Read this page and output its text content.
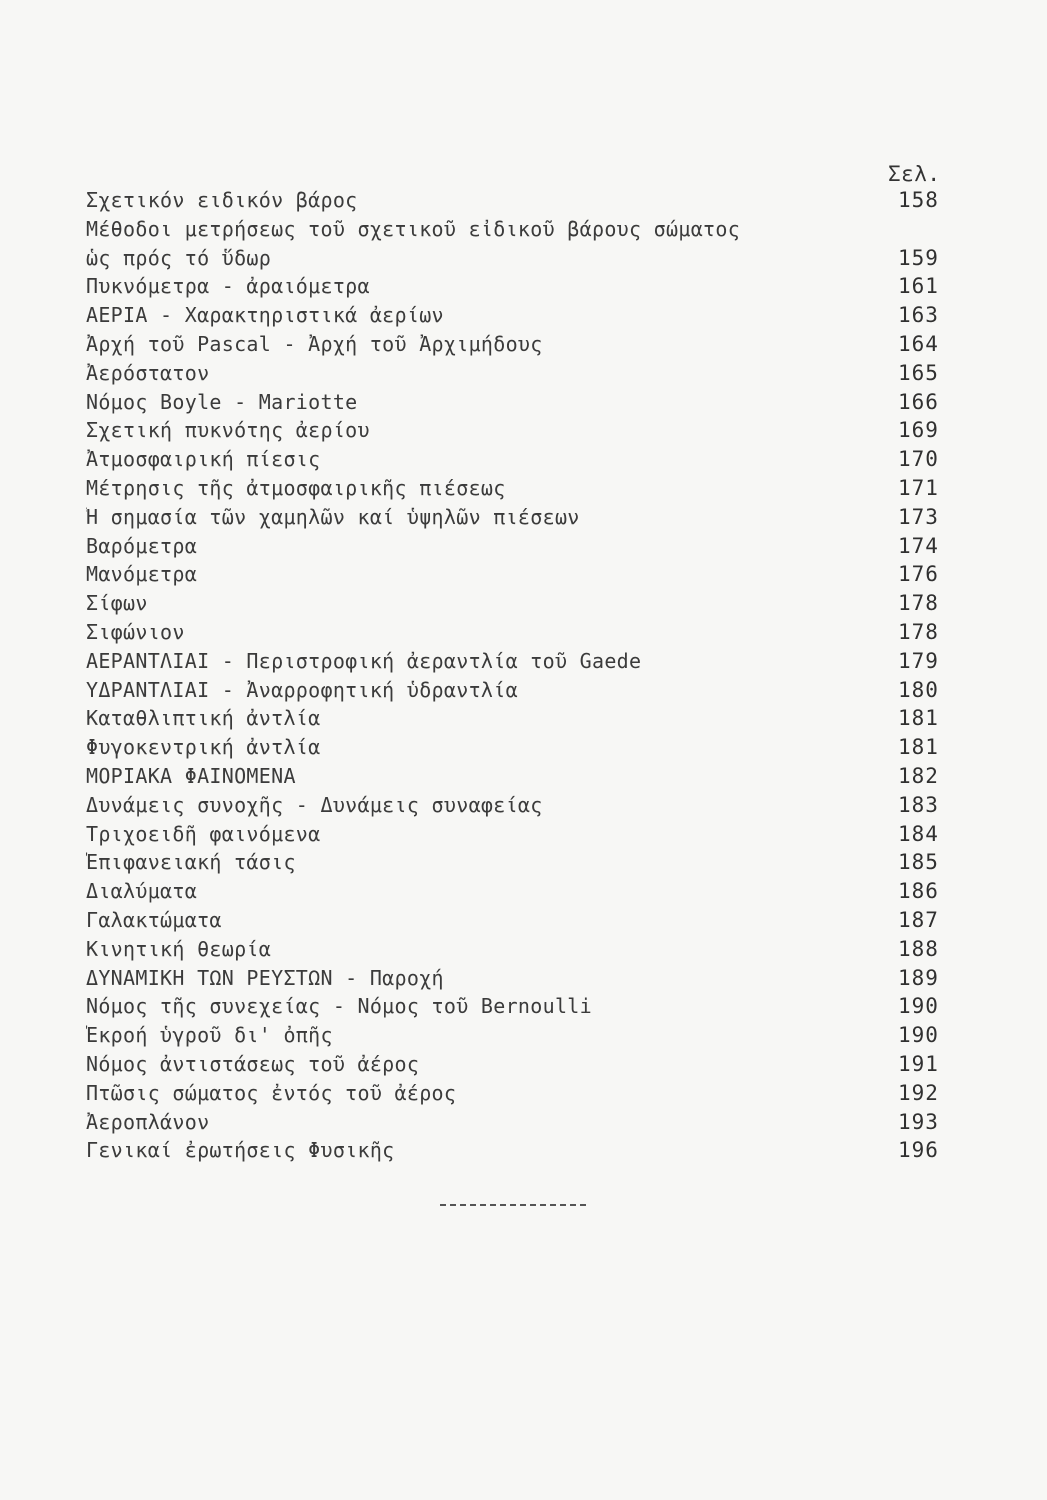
Σελ.
Σχετικόν ειδικόν βάρος	158
Μέθοδοι μετρήσεως τοῦ σχετικοῦ εἰδικοῦ βάρους σώματος
ὡς πρός τό ὕδωρ	159
Πυκνόμετρα - ἀραιόμετρα	161
ΑΕΡΙΑ - Χαρακτηριστικά ἀερίων	163
Ἀρχή τοῦ Pascal - Ἀρχή τοῦ Ἀρχιμήδους	164
Ἀερόστατον	165
Νόμος Boyle - Mariotte	166
Σχετική πυκνότης ἀερίου	169
Ἀτμοσφαιρική πίεσις	170
Μέτρησις τῆς ἀτμοσφαιρικῆς πιέσεως	171
Ἡ σημασία τῶν χαμηλῶν καί ὑψηλῶν πιέσεων	173
Βαρόμετρα	174
Μανόμετρα	176
Σίφων	178
Σιφώνιον	178
ΑΕΡΑΝΤΛΙΑΙ - Περιστροφική ἀεραντλία τοῦ Gaede	179
ΥΔΡΑΝΤΛΙΑΙ - Ἀναρροφητική ὑδραντλία	180
Καταθλιπτική ἀντλία	181
Φυγοκεντρική ἀντλία	181
ΜΟΡΙΑΚΑ ΦΑΙΝΟΜΕΝΑ	182
Δυνάμεις συνοχῆς - Δυνάμεις συναφείας	183
Τριχοειδῆ φαινόμενα	184
Ἐπιφανειακή τάσις	185
Διαλύματα	186
Γαλακτώματα	187
Κινητική θεωρία	188
ΔΥΝΑΜΙΚΗ ΤΩΝ ΡΕΥΣΤΩΝ - Παροχή	189
Νόμος τῆς συνεχείας - Νόμος τοῦ Bernoulli	190
Ἐκροή ὑγροῦ δι' ὀπῆς	190
Νόμος ἀντιστάσεως τοῦ ἀέρος	191
Πτῶσις σώματος ἐντός τοῦ ἀέρος	192
Ἀεροπλάνον	193
Γενικαί ἐρωτήσεις Φυσικῆς	196
